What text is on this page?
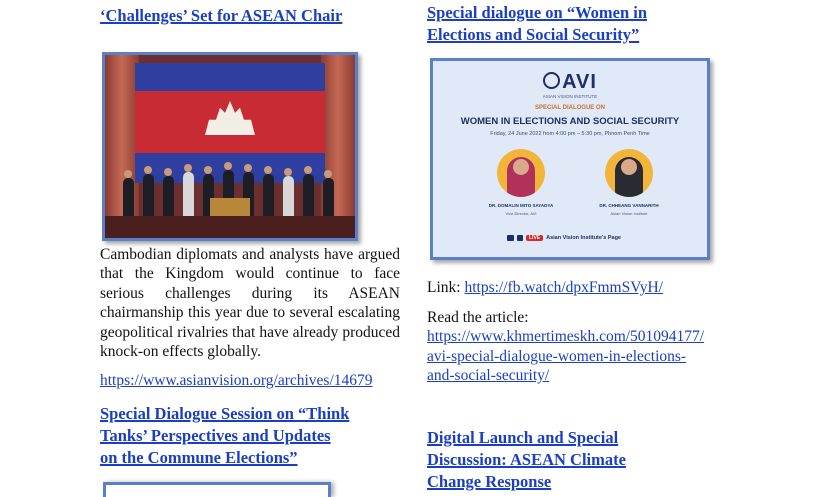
‘Challenges’ Set for ASEAN Chair
Cambodian diplomats and analysts have argued that the Kingdom would continue to face serious challenges during its ASEAN chairmanship this year due to several escalating geopolitical rivalries that have already produced knock-on effects globally.
https://www.asianvision.org/archives/14679
Special Dialogue Session on “Think
Tanks’ Perspectives and Updates
on the Commune Elections”
Special dialogue on “Women in
Elections and Social Security”
AVI
ASIAN VISION INSTITUTE
SPECIAL DIALOGUE ON
WOMEN IN ELECTIONS AND SOCIAL SECURITY
Friday, 24 June 2022 from 4:00 pm – 5:30 pm, Phnom Penh Time
DR. DOMALIN MITO SAYADYA
Vice-Director, AVI
DR. CHHEANG VANNARITH
Asian Vision Institute
LIVE	Asian Vision Institute's Page
Link: https://fb.watch/dpxFmmSVyH/
Read the article:
https://www.khmertimeskh.com/501094177/
avi-special-dialogue-women-in-elections-
and-social-security/
Digital Launch and Special
Discussion: ASEAN Climate
Change Response
